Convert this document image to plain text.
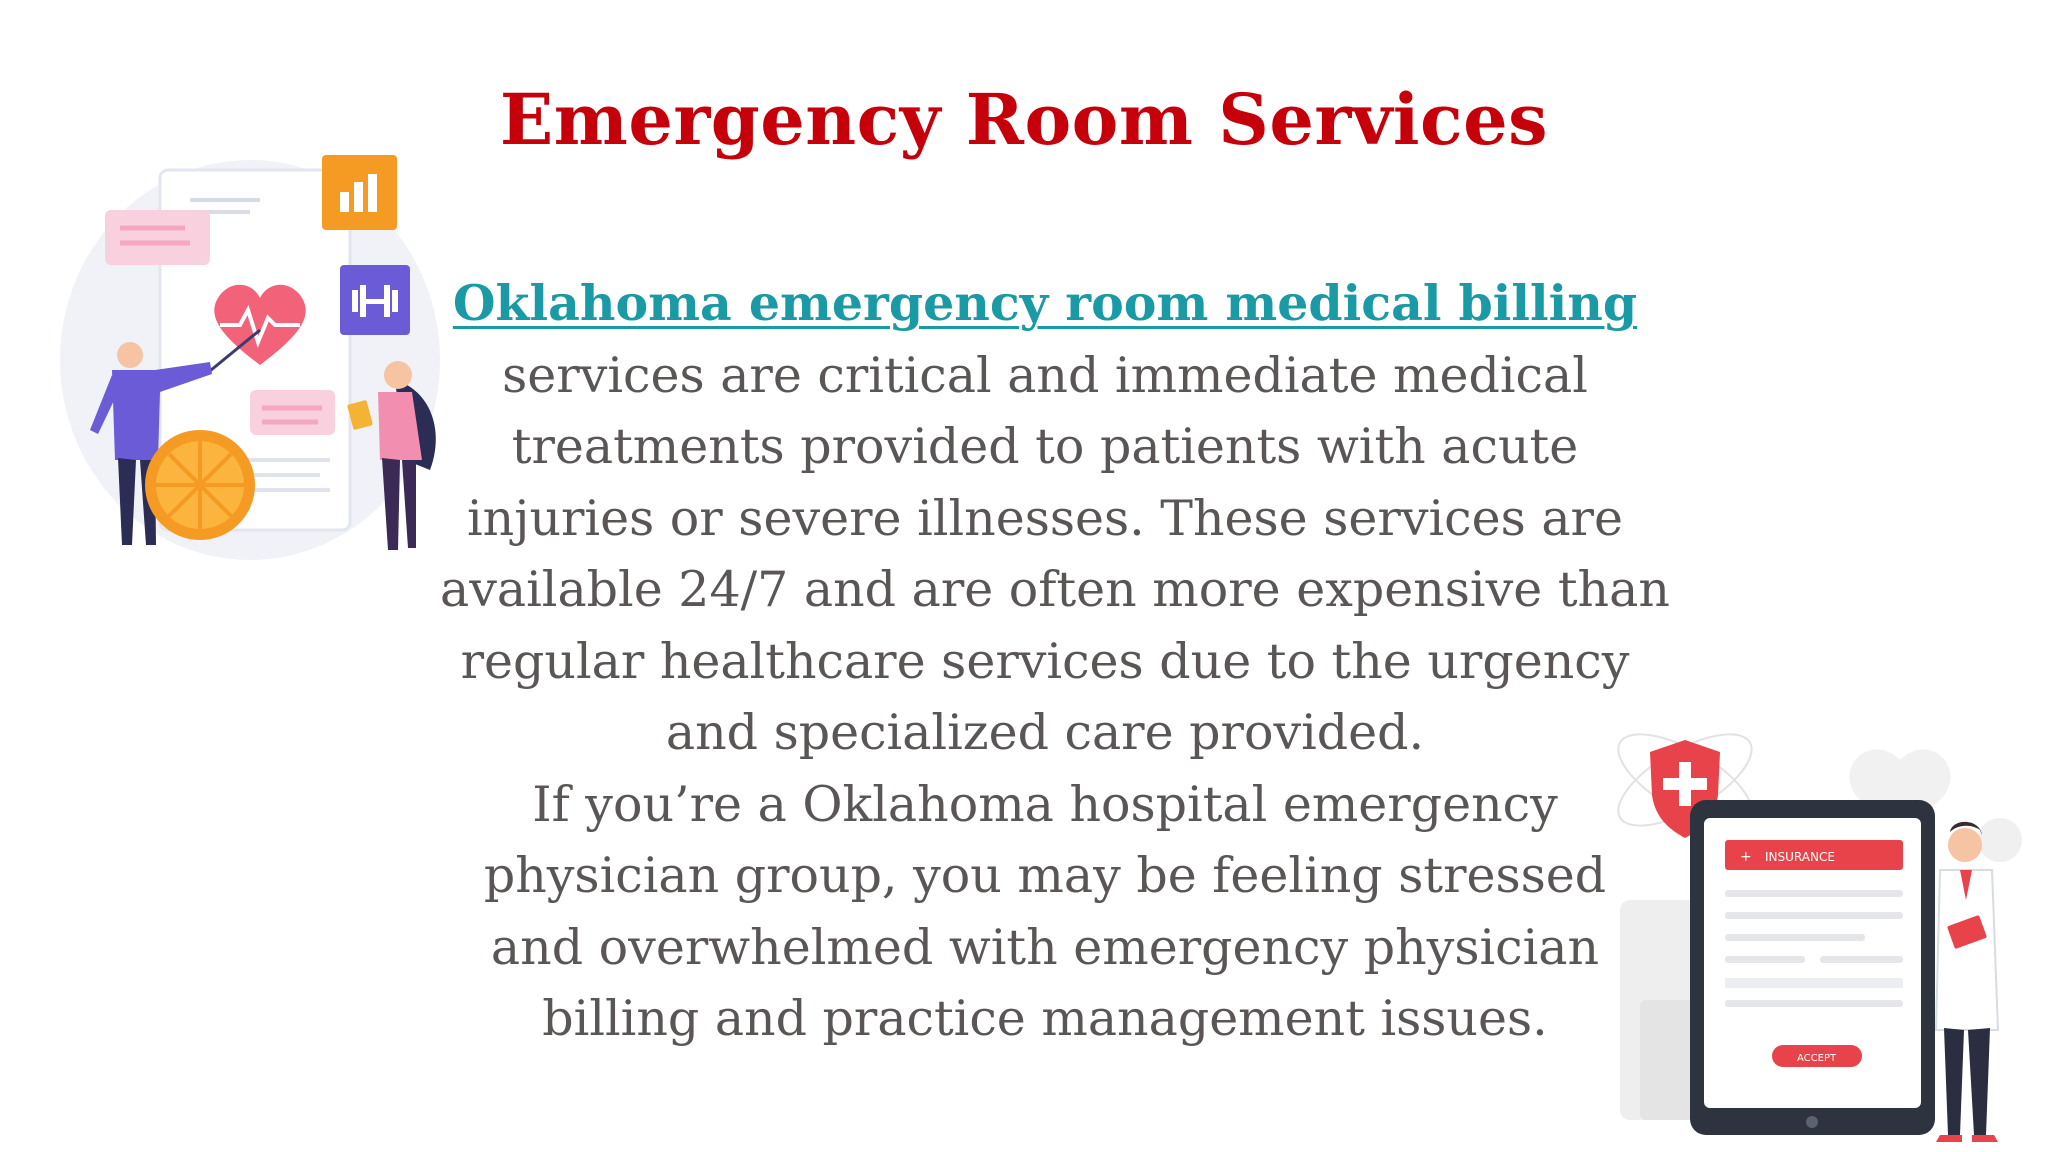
Emergency Room Services
Oklahoma emergency room medical billing
services are critical and immediate medical
treatments provided to patients with acute
injuries or severe illnesses. These services are
available 24/7 and are often more expensive than
regular healthcare services due to the urgency
and specialized care provided.
If you’re a Oklahoma hospital emergency
physician group, you may be feeling stressed
and overwhelmed with emergency physician
billing and practice management issues.
+ INSURANCE
ACCEPT
